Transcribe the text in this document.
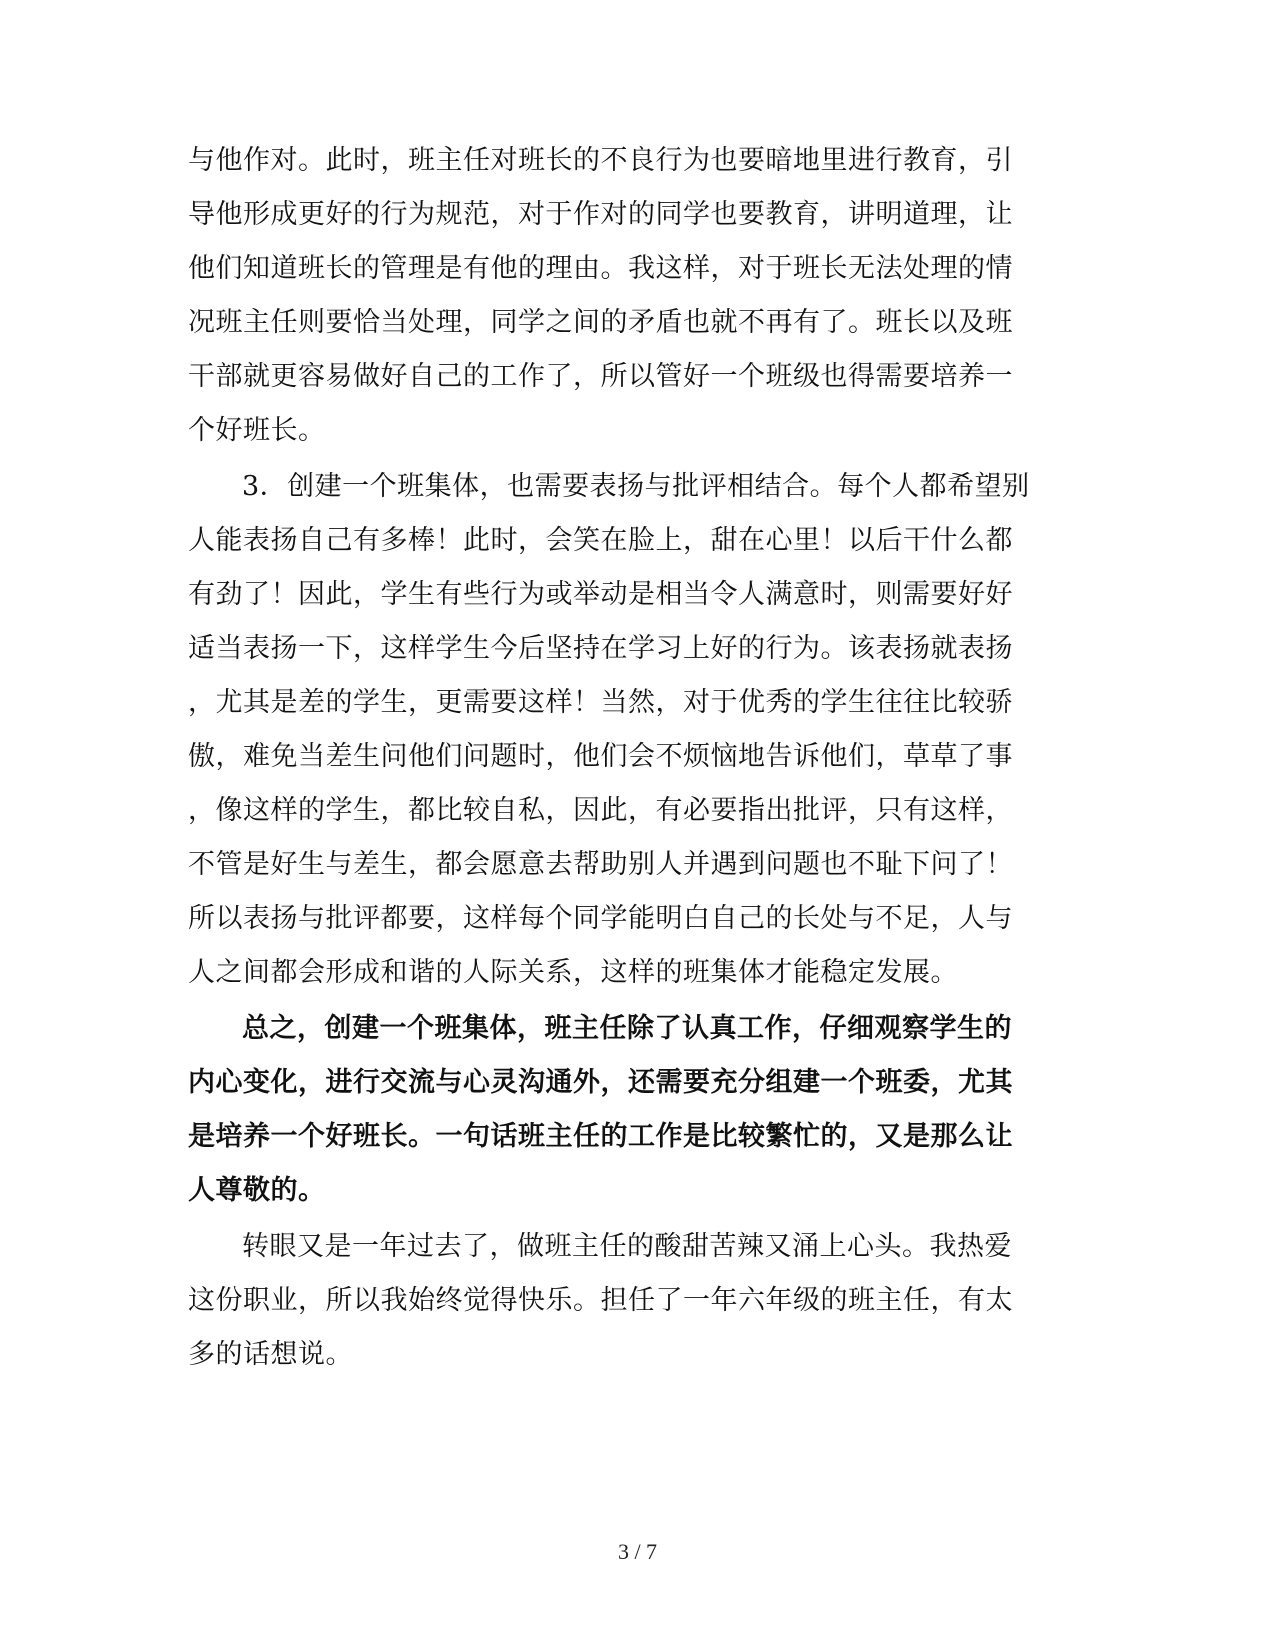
与他作对。此时，班主任对班长的不良行为也要暗地里进行教育，引
导他形成更好的行为规范，对于作对的同学也要教育，讲明道理，让
他们知道班长的管理是有他的理由。我这样，对于班长无法处理的情
况班主任则要恰当处理，同学之间的矛盾也就不再有了。班长以及班
干部就更容易做好自己的工作了，所以管好一个班级也得需要培养一
个好班长。
3．创建一个班集体，也需要表扬与批评相结合。每个人都希望别
人能表扬自己有多棒！此时，会笑在脸上，甜在心里！以后干什么都
有劲了！因此，学生有些行为或举动是相当令人满意时，则需要好好
适当表扬一下，这样学生今后坚持在学习上好的行为。该表扬就表扬
，尤其是差的学生，更需要这样！当然，对于优秀的学生往往比较骄
傲，难免当差生问他们问题时，他们会不烦恼地告诉他们，草草了事
，像这样的学生，都比较自私，因此，有必要指出批评，只有这样，
不管是好生与差生，都会愿意去帮助别人并遇到问题也不耻下问了！
所以表扬与批评都要，这样每个同学能明白自己的长处与不足，人与
人之间都会形成和谐的人际关系，这样的班集体才能稳定发展。
总之，创建一个班集体，班主任除了认真工作，仔细观察学生的
内心变化，进行交流与心灵沟通外，还需要充分组建一个班委，尤其
是培养一个好班长。一句话班主任的工作是比较繁忙的，又是那么让
人尊敬的。
转眼又是一年过去了，做班主任的酸甜苦辣又涌上心头。我热爱
这份职业，所以我始终觉得快乐。担任了一年六年级的班主任，有太
多的话想说。
3 / 7
